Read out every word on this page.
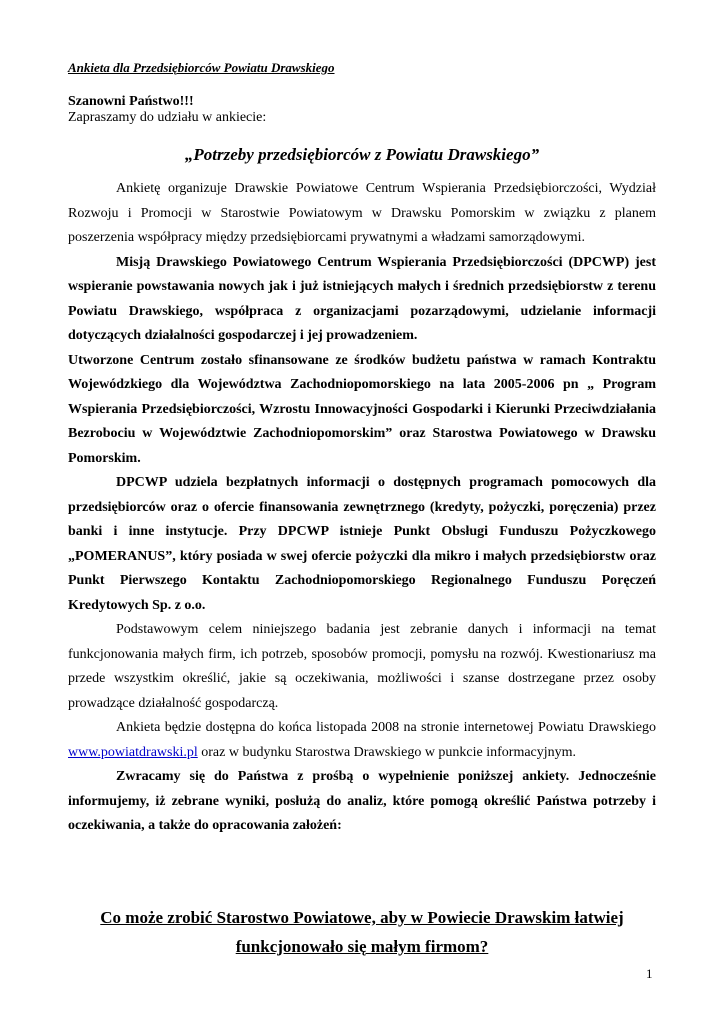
Ankieta dla Przedsiębiorców Powiatu Drawskiego
Szanowni Państwo!!!
Zapraszamy do udziału w ankiecie:
„Potrzeby przedsiębiorców z Powiatu Drawskiego”

Ankietę organizuje Drawskie Powiatowe Centrum Wspierania Przedsiębiorczości, Wydział Rozwoju i Promocji w Starostwie Powiatowym w Drawsku Pomorskim w związku z planem poszerzenia współpracy między przedsiębiorcami prywatnymi a władzami samorządowymi.

Misją Drawskiego Powiatowego Centrum Wspierania Przedsiębiorczości (DPCWP) jest wspieranie powstawania nowych jak i już istniejących małych i średnich przedsiębiorstw z terenu Powiatu Drawskiego, współpraca z organizacjami pozarządowymi, udzielanie informacji dotyczących działalności gospodarczej i jej prowadzeniem.

Utworzone Centrum zostało sfinansowane ze środków budżetu państwa w ramach Kontraktu Wojewódzkiego dla Województwa Zachodniopomorskiego na lata 2005-2006 pn „ Program Wspierania Przedsiębiorczości, Wzrostu Innowacyjności Gospodarki i Kierunki Przeciwdziałania Bezrobociu w Województwie Zachodniopomorskim” oraz Starostwa Powiatowego w Drawsku Pomorskim.

DPCWP udziela bezpłatnych informacji o dostępnych programach pomocowych dla przedsiębiorców oraz o ofercie finansowania zewnętrznego (kredyty, pożyczki, poręczenia) przez banki i inne instytucje. Przy DPCWP istnieje Punkt Obsługi Funduszu Pożyczkowego „POMERANUS”, który posiada w swej ofercie pożyczki dla mikro i małych przedsiębiorstw oraz Punkt Pierwszego Kontaktu Zachodniopomorskiego Regionalnego Funduszu Poręczeń Kredytowych Sp. z o.o.

Podstawowym celem niniejszego badania jest zebranie danych i informacji na temat funkcjonowania małych firm, ich potrzeb, sposobów promocji, pomysłu na rozwój. Kwestionariusz ma przede wszystkim określić, jakie są oczekiwania, możliwości i szanse dostrzegane przez osoby prowadzące działalność gospodarczą.

Ankieta będzie dostępna do końca listopada 2008 na stronie internetowej Powiatu Drawskiego www.powiatdrawski.pl oraz w budynku Starostwa Drawskiego w punkcie informacyjnym.

Zwracamy się do Państwa z prośbą o wypełnienie poniższej ankiety. Jednocześnie informujemy, iż zebrane wyniki, posłużą do analiz, które pomogą określić Państwa potrzeby i oczekiwania, a także do opracowania założeń:

Co może zrobić Starostwo Powiatowe, aby w Powiecie Drawskim łatwiej funkcjonowało się małym firmom?
1
